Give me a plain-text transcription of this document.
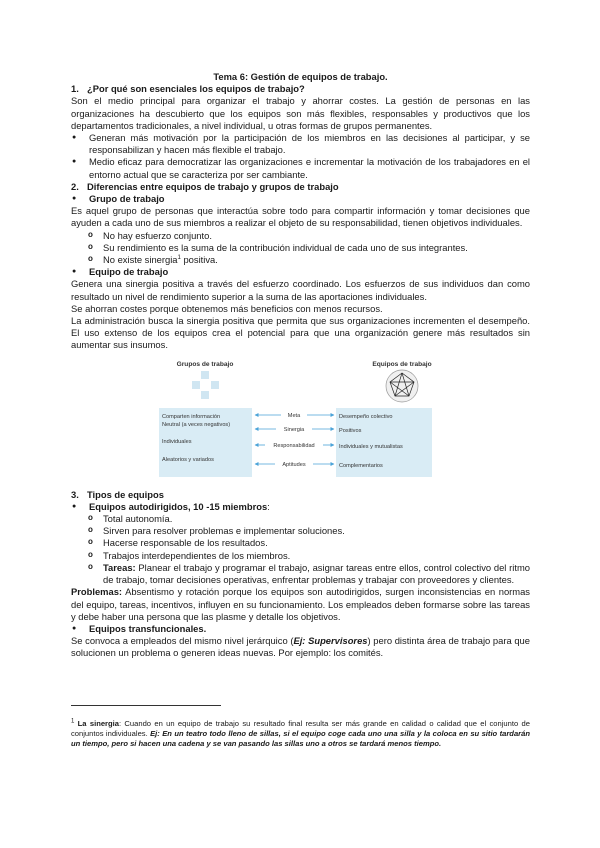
Tema 6: Gestión de equipos de trabajo.

1. ¿Por qué son esenciales los equipos de trabajo?

Son el medio principal para organizar el trabajo y ahorrar costes. La gestión de personas en las organizaciones ha descubierto que los equipos son más flexibles, responsables y productivos que los departamentos tradicionales, a nivel individual, u otras formas de grupos permanentes.

● Generan más motivación por la participación de los miembros en las decisiones al participar, y se responsabilizan y hacen más flexible el trabajo.
● Medio eficaz para democratizar las organizaciones e incrementar la motivación de los trabajadores en el entorno actual que se caracteriza por ser cambiante.
2. Diferencias entre equipos de trabajo y grupos de trabajo
● Grupo de trabajo

Es aquel grupo de personas que interactúa sobre todo para compartir información y tomar decisiones que ayuden a cada uno de sus miembros a realizar el objeto de su responsabilidad, tienen objetivos individuales.

o No hay esfuerzo conjunto.
o Su rendimiento es la suma de la contribución individual de cada uno de sus integrantes.
o No existe sinergia$^1$ positiva.
● Equipo de trabajo

Genera una sinergia positiva a través del esfuerzo coordinado. Los esfuerzos de sus individuos dan como resultado un nivel de rendimiento superior a la suma de las aportaciones individuales.

Se ahorran costes porque obtenemos más beneficios con menos recursos.

La administración busca la sinergia positiva que permita que sus organizaciones incrementen el desempeño. El uso extenso de los equipos crea el potencial para que una organización genere más resultados sin aumentar sus insumos.

Grupos de trabajo	Equipos de trabajo
Comparten información
Neutral (a veces negativos)
Individuales
Aleatorios y variados
Desempeño colectivo
Positivos
Individuales y mutualistas
Complementarios
Meta
Sinergia
Responsabilidad
Aptitudes
3. Tipos de equipos
● Equipos autodirigidos, 10 -15 miembros:
o Total autonomía.
o Sirven para resolver problemas e implementar soluciones.
o Hacerse responsable de los resultados.
o Trabajos interdependientes de los miembros.
o Tareas: Planear el trabajo y programar el trabajo, asignar tareas entre ellos, control colectivo del ritmo de trabajo, tomar decisiones operativas, enfrentar problemas y trabajar con proveedores y clientes.

Problemas: Absentismo y rotación porque los equipos son autodirigidos, surgen inconsistencias en normas del equipo, tareas, incentivos, influyen en su funcionamiento. Los empleados deben formarse sobre las tareas y debe haber una persona que las plasme y detalle los objetivos.

● Equipos transfuncionales.

Se convoca a empleados del mismo nivel jerárquico (Ej: Supervisores) pero distinta área de trabajo para que solucionen un problema o generen ideas nuevas. Por ejemplo: los comités.

$^1$ La sinergia: Cuando en un equipo de trabajo su resultado final resulta ser más grande en calidad o calidad que el conjunto de conjuntos individuales. Ej: En un teatro todo lleno de sillas, si el equipo coge cada uno una silla y la coloca en su sitio tardarán un tiempo, pero si hacen una cadena y se van pasando las sillas uno a otros se tardará menos tiempo.
